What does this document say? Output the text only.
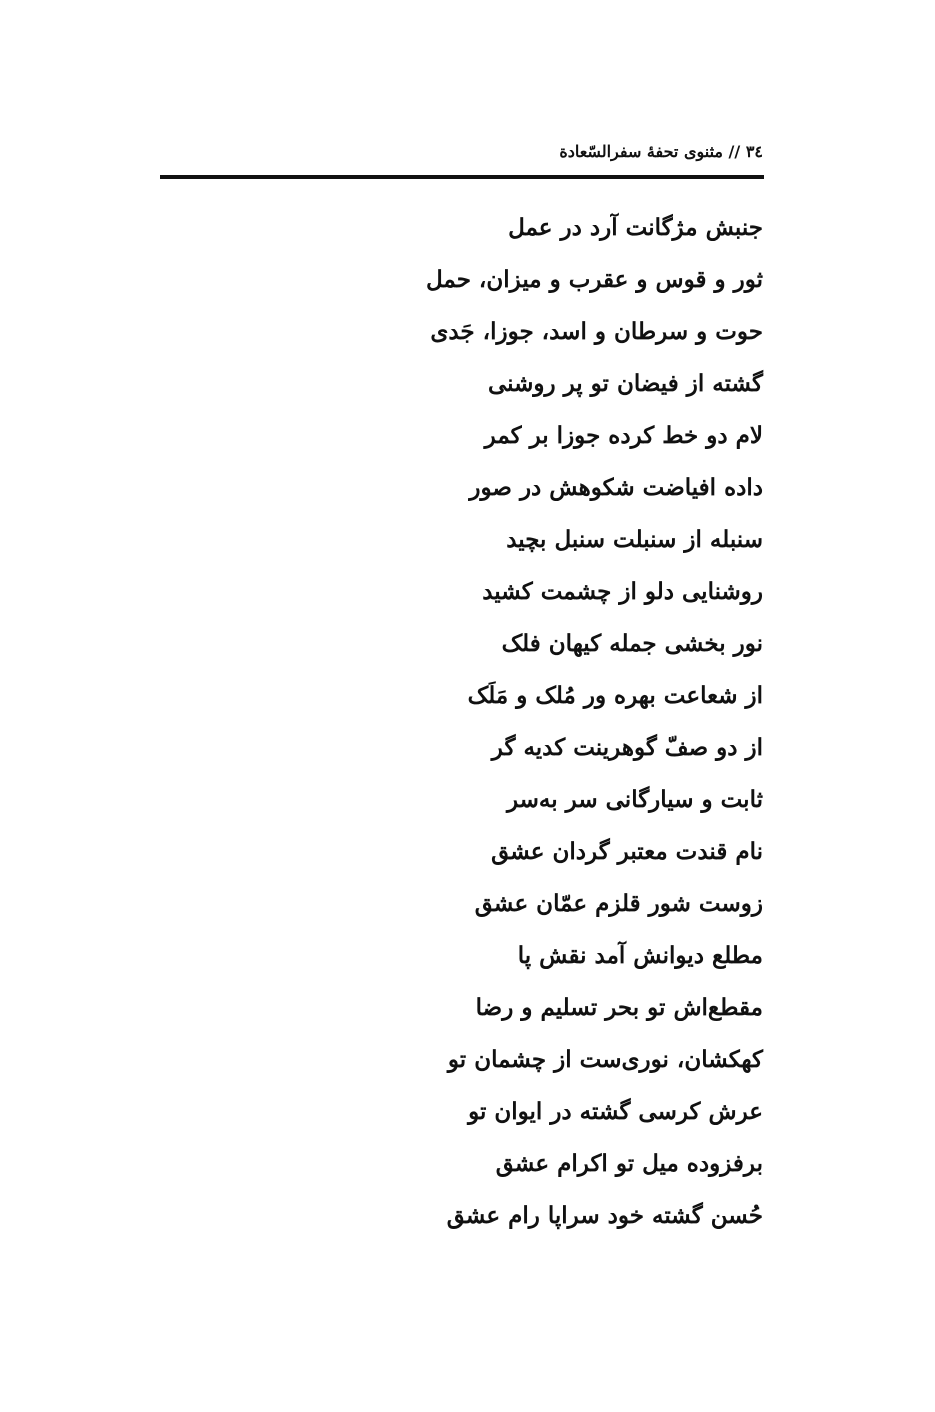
٣٤ // مثنوی تحفهٔ سفرالسّعادة
جنبش مژگانت آرد در عمل
ثور و قوس و عقرب و میزان، حمل
حوت و سرطان و اسد، جوزا، جَدی
گشته از فیضان تو پر روشنی
لام دو خط کرده جوزا بر کمر
داده افیاضت شکوهش در صور
سنبله از سنبلت سنبل بچید
روشنایی دلو از چشمت کشید
نور بخشی جمله کیهان فلک
از شعاعت بهره ور مُلک و مَلَک
از دو صفّ گوهرینت کدیه گر
ثابت و سیارگانی سر به‌سر
نام قندت معتبر گردان عشق
زوست شور قلزم عمّان عشق
مطلع دیوانش آمد نقش پا
مقطع‌اش تو بحر تسلیم و رضا
کهکشان، نوری‌ست از چشمان تو
عرش کرسی گشته در ایوان تو
برفزوده میل تو اکرام عشق
حُسن گشته خود سراپا رام عشق
